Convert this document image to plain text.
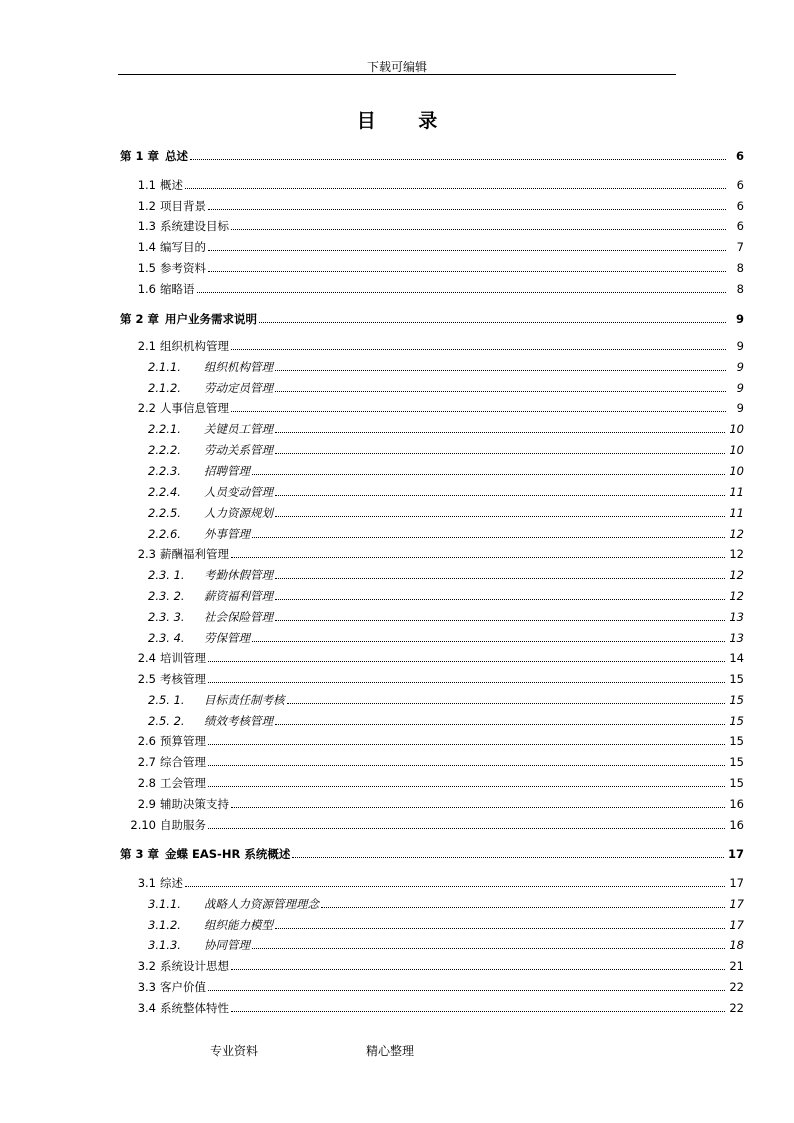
下载可编辑
目 录
第 1 章 总述	6
1.1 概述	6
1.2 项目背景	6
1.3 系统建设目标	6
1.4 编写目的	7
1.5 参考资料	8
1.6 缩略语	8
第 2 章 用户业务需求说明	9
2.1 组织机构管理	9
2.1.1.	组织机构管理	9
2.1.2.	劳动定员管理	9
2.2 人事信息管理	9
2.2.1.	关键员工管理	10
2.2.2.	劳动关系管理	10
2.2.3.	招聘管理	10
2.2.4.	人员变动管理	11
2.2.5.	人力资源规划	11
2.2.6.	外事管理	12
2.3 薪酬福利管理	12
2.3. 1.	考勤休假管理	12
2.3. 2.	薪资福利管理	12
2.3. 3.	社会保险管理	13
2.3. 4.	劳保管理	13
2.4 培训管理	14
2.5 考核管理	15
2.5. 1.	目标责任制考核	15
2.5. 2.	绩效考核管理	15
2.6 预算管理	15
2.7 综合管理	15
2.8 工会管理	15
2.9 辅助决策支持	16
2.10 自助服务	16
第 3 章 金蝶 EAS-HR 系统概述	17
3.1 综述	17
3.1.1.	战略人力资源管理理念	17
3.1.2.	组织能力模型	17
3.1.3.	协同管理	18
3.2 系统设计思想	21
3.3 客户价值	22
3.4 系统整体特性	22
专业资料	精心整理
